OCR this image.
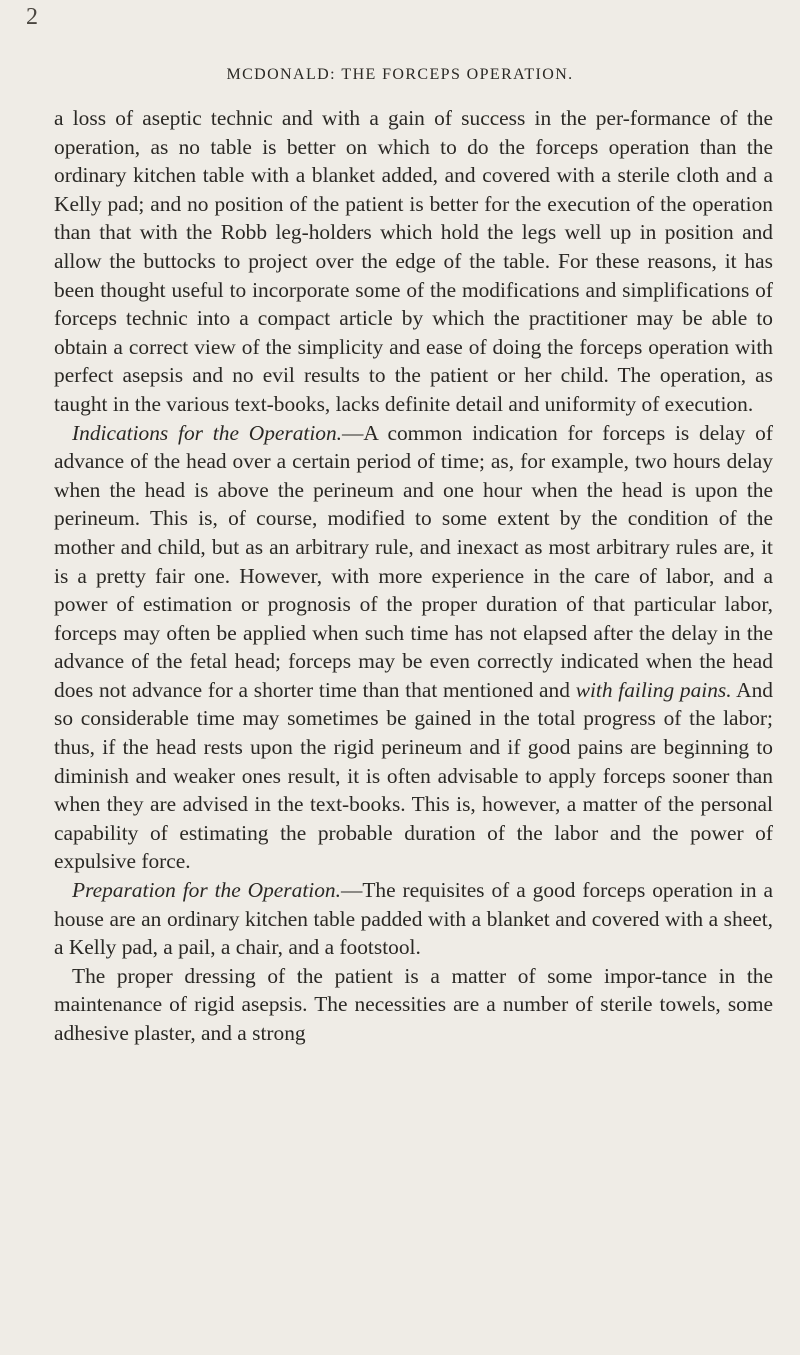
2
MCDONALD: THE FORCEPS OPERATION.

a loss of aseptic technic and with a gain of success in the per-formance of the operation, as no table is better on which to do the forceps operation than the ordinary kitchen table with a blanket added, and covered with a sterile cloth and a Kelly pad; and no position of the patient is better for the execution of the operation than that with the Robb leg-holders which hold the legs well up in position and allow the buttocks to project over the edge of the table. For these reasons, it has been thought useful to incorporate some of the modifications and simplifications of forceps technic into a compact article by which the practitioner may be able to obtain a correct view of the simplicity and ease of doing the forceps operation with perfect asepsis and no evil results to the patient or her child. The operation, as taught in the various text-books, lacks definite detail and uniformity of execution.

Indications for the Operation.—A common indication for forceps is delay of advance of the head over a certain period of time; as, for example, two hours delay when the head is above the perineum and one hour when the head is upon the perineum. This is, of course, modified to some extent by the condition of the mother and child, but as an arbitrary rule, and inexact as most arbitrary rules are, it is a pretty fair one. However, with more experience in the care of labor, and a power of estimation or prognosis of the proper duration of that particular labor, forceps may often be applied when such time has not elapsed after the delay in the advance of the fetal head; forceps may be even correctly indicated when the head does not advance for a shorter time than that mentioned and with failing pains. And so considerable time may sometimes be gained in the total progress of the labor; thus, if the head rests upon the rigid perineum and if good pains are beginning to diminish and weaker ones result, it is often advisable to apply forceps sooner than when they are advised in the text-books. This is, however, a matter of the personal capability of estimating the probable duration of the labor and the power of expulsive force.

Preparation for the Operation.—The requisites of a good forceps operation in a house are an ordinary kitchen table padded with a blanket and covered with a sheet, a Kelly pad, a pail, a chair, and a footstool.

The proper dressing of the patient is a matter of some impor-tance in the maintenance of rigid asepsis. The necessities are a number of sterile towels, some adhesive plaster, and a strong
